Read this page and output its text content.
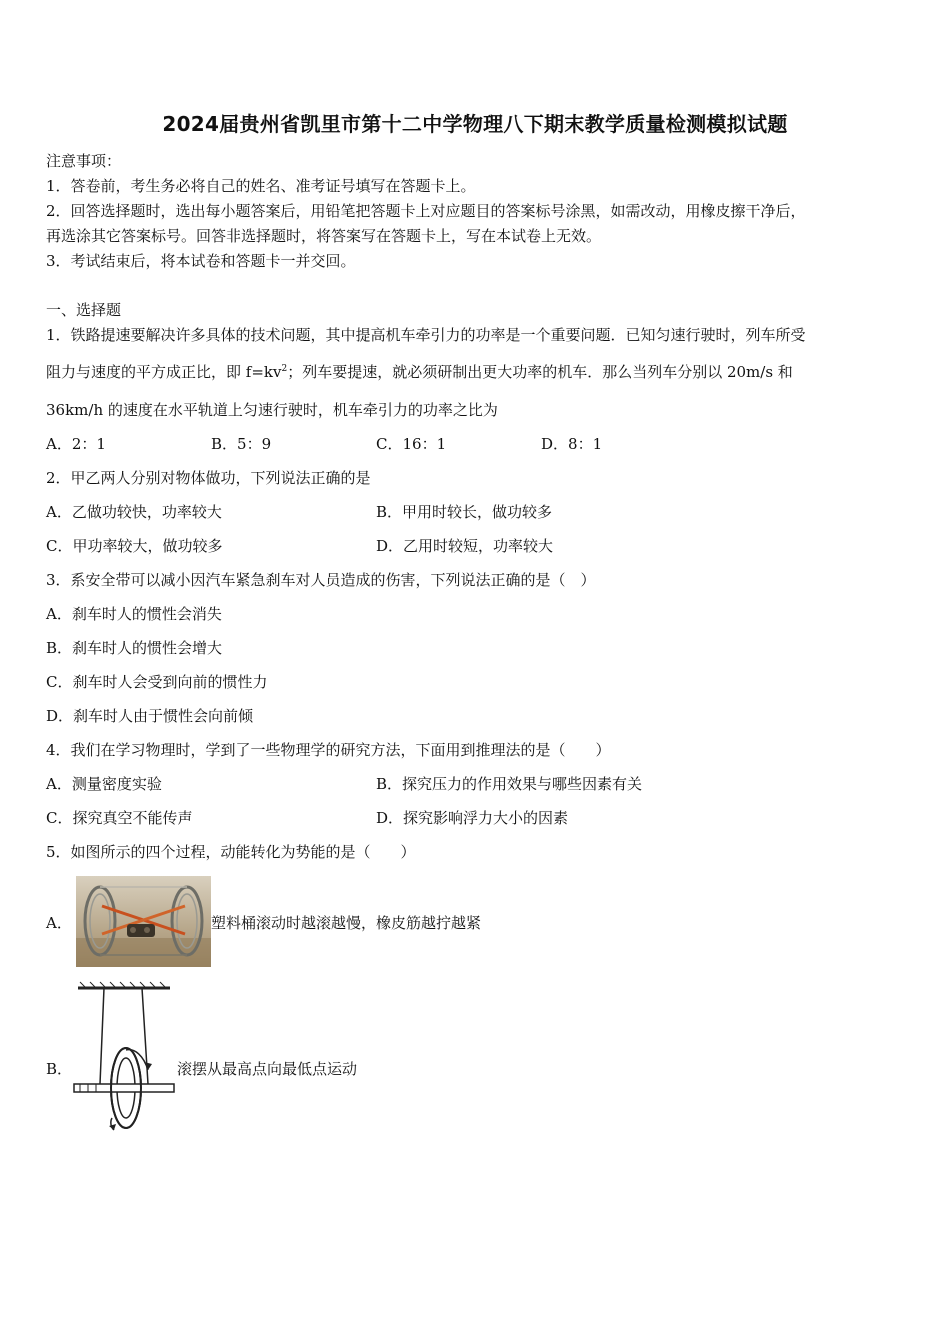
2024届贵州省凯里市第十二中学物理八下期末教学质量检测模拟试题
注意事项：
1．答卷前，考生务必将自己的姓名、准考证号填写在答题卡上。
2．回答选择题时，选出每小题答案后，用铅笔把答题卡上对应题目的答案标号涂黑，如需改动，用橡皮擦干净后，
再选涂其它答案标号。回答非选择题时，将答案写在答题卡上，写在本试卷上无效。
3．考试结束后，将本试卷和答题卡一并交回。
一、选择题
1．铁路提速要解决许多具体的技术问题，其中提高机车牵引力的功率是一个重要问题．已知匀速行驶时，列车所受
阻力与速度的平方成正比，即 $f=kv^2$；列车要提速，就必须研制出更大功率的机车．那么当列车分别以 20m/s 和
36km/h 的速度在水平轨道上匀速行驶时，机车牵引力的功率之比为
A．2：1	B．5：9	C．16：1	D．8：1
2．甲乙两人分别对物体做功，下列说法正确的是
A．乙做功较快，功率较大	B．甲用时较长，做功较多
C．甲功率较大，做功较多	D．乙用时较短，功率较大
3．系安全带可以减小因汽车紧急刹车对人员造成的伤害，下列说法正确的是（　）
A．刹车时人的惯性会消失
B．刹车时人的惯性会增大
C．刹车时人会受到向前的惯性力
D．刹车时人由于惯性会向前倾
4．我们在学习物理时，学到了一些物理学的研究方法，下面用到推理法的是（　　）
A．测量密度实验	B．探究压力的作用效果与哪些因素有关
C．探究真空不能传声	D．探究影响浮力大小的因素
5．如图所示的四个过程，动能转化为势能的是（　　）
A．	塑料桶滚动时越滚越慢，橡皮筋越拧越紧
B．	滚摆从最高点向最低点运动
